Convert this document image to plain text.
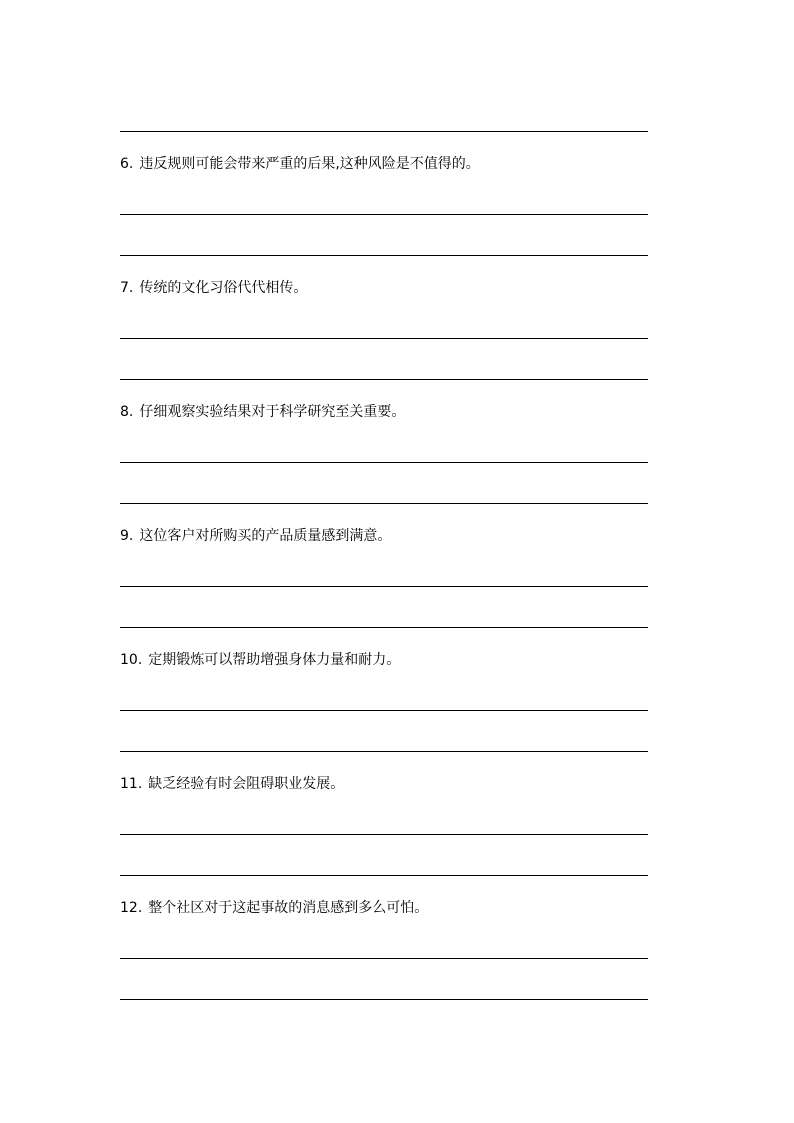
6. 违反规则可能会带来严重的后果,这种风险是不值得的。
7. 传统的文化习俗代代相传。
8. 仔细观察实验结果对于科学研究至关重要。
9. 这位客户对所购买的产品质量感到满意。
10. 定期锻炼可以帮助增强身体力量和耐力。
11. 缺乏经验有时会阻碍职业发展。
12. 整个社区对于这起事故的消息感到多么可怕。
